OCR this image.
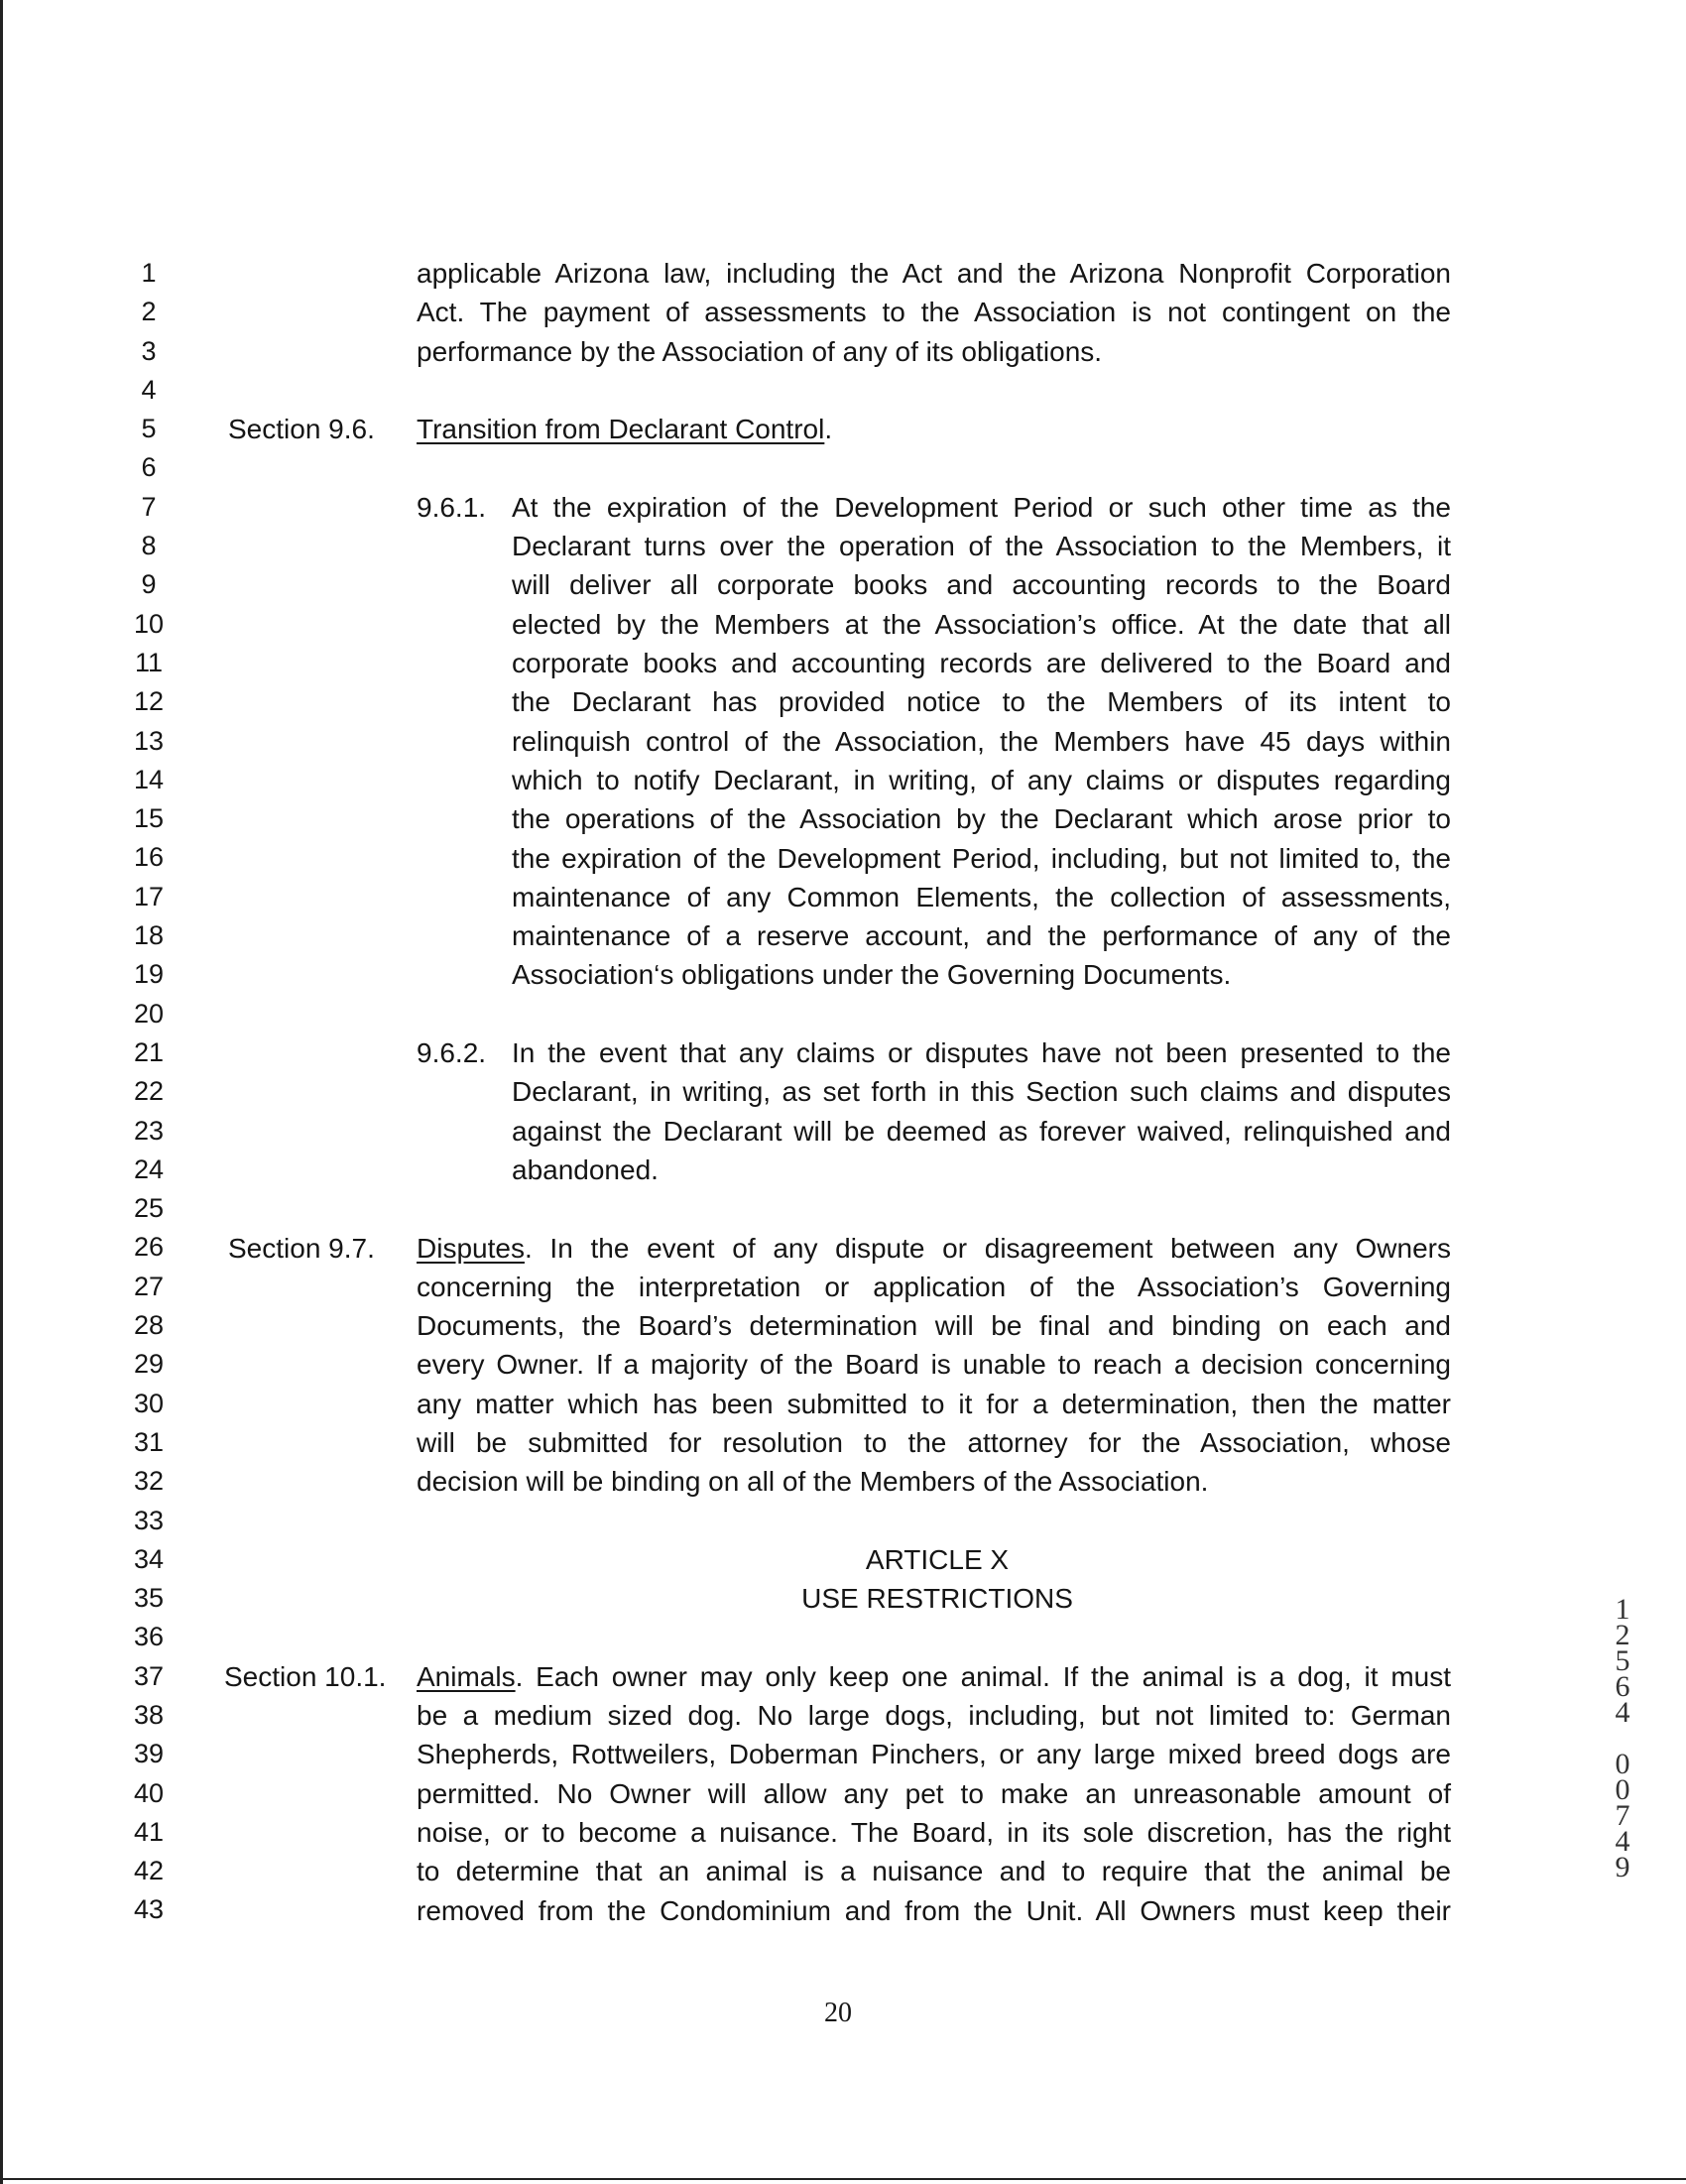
1
2
3
4
5
6
7
8
9
10
11
12
13
14
15
16
17
18
19
20
21
22
23
24
25
26
27
28
29
30
31
32
33
34
35
36
37
38
39
40
41
42
43
applicable Arizona law, including the Act and the Arizona Nonprofit Corporation
Act. The payment of assessments to the Association is not contingent on the
performance by the Association of any of its obligations.
Section 9.6. Transition from Declarant Control.
9.6.1. At the expiration of the Development Period or such other time as the
Declarant turns over the operation of the Association to the Members, it
will deliver all corporate books and accounting records to the Board
elected by the Members at the Association’s office. At the date that all
corporate books and accounting records are delivered to the Board and
the Declarant has provided notice to the Members of its intent to
relinquish control of the Association, the Members have 45 days within
which to notify Declarant, in writing, of any claims or disputes regarding
the operations of the Association by the Declarant which arose prior to
the expiration of the Development Period, including, but not limited to, the
maintenance of any Common Elements, the collection of assessments,
maintenance of a reserve account, and the performance of any of the
Association‘s obligations under the Governing Documents.
9.6.2. In the event that any claims or disputes have not been presented to the
Declarant, in writing, as set forth in this Section such claims and disputes
against the Declarant will be deemed as forever waived, relinquished and
abandoned.
Section 9.7. Disputes. In the event of any dispute or disagreement between any Owners
concerning the interpretation or application of the Association’s Governing
Documents, the Board’s determination will be final and binding on each and
every Owner. If a majority of the Board is unable to reach a decision concerning
any matter which has been submitted to it for a determination, then the matter
will be submitted for resolution to the attorney for the Association, whose
decision will be binding on all of the Members of the Association.
ARTICLE X
USE RESTRICTIONS
Section 10.1. Animals. Each owner may only keep one animal. If the animal is a dog, it must
be a medium sized dog. No large dogs, including, but not limited to: German
Shepherds, Rottweilers, Doberman Pinchers, or any large mixed breed dogs are
permitted. No Owner will allow any pet to make an unreasonable amount of
noise, or to become a nuisance. The Board, in its sole discretion, has the right
to determine that an animal is a nuisance and to require that the animal be
removed from the Condominium and from the Unit. All Owners must keep their
20
1
2
5
6
4

0
0
7
4
9
